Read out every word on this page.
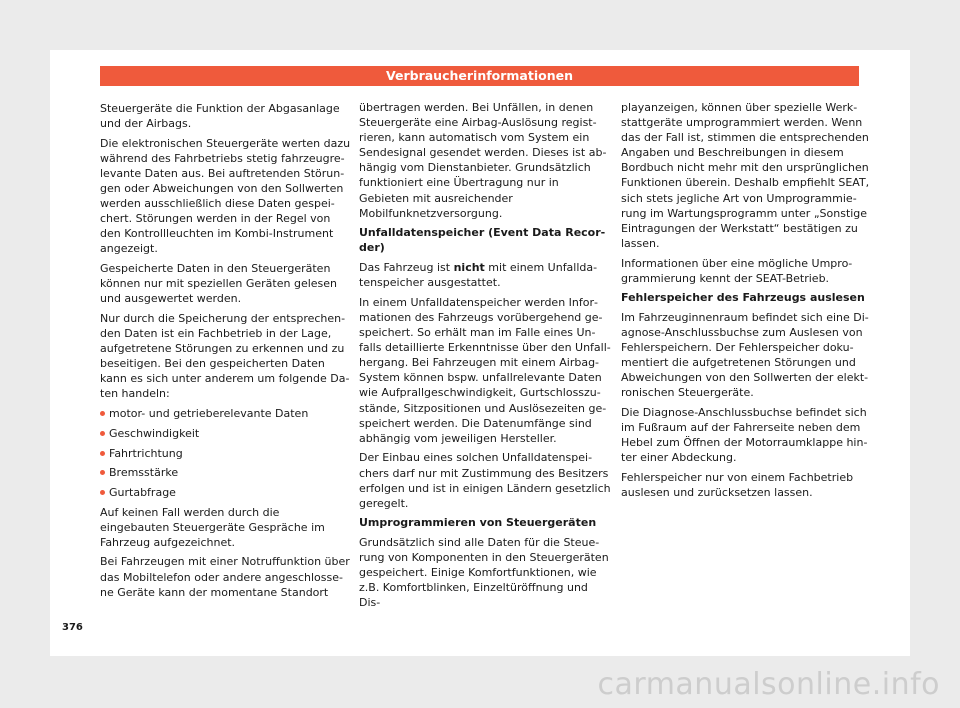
Verbraucherinformationen

Steuergeräte die Funktion der Abgasanlage und der Airbags.

Die elektronischen Steuergeräte werten dazu während des Fahrbetriebs stetig fahrzeugrelevante Daten aus. Bei auftretenden Störungen oder Abweichungen von den Sollwerten werden ausschließlich diese Daten gespeichert. Störungen werden in der Regel von den Kontrollleuchten im Kombi-Instrument angezeigt.

Gespeicherte Daten in den Steuergeräten können nur mit speziellen Geräten gelesen und ausgewertet werden.

Nur durch die Speicherung der entsprechenden Daten ist ein Fachbetrieb in der Lage, aufgetretene Störungen zu erkennen und zu beseitigen. Bei den gespeicherten Daten kann es sich unter anderem um folgende Daten handeln:

motor- und getrieberelevante Daten
Geschwindigkeit
Fahrtrichtung
Bremsstärke
Gurtabfrage

Auf keinen Fall werden durch die eingebauten Steuergeräte Gespräche im Fahrzeug aufgezeichnet.

Bei Fahrzeugen mit einer Notruffunktion über das Mobiltelefon oder andere angeschlossene Geräte kann der momentane Standort

übertragen werden. Bei Unfällen, in denen Steuergeräte eine Airbag-Auslösung registrieren, kann automatisch vom System ein Sendesignal gesendet werden. Dieses ist abhängig vom Dienstanbieter. Grundsätzlich funktioniert eine Übertragung nur in Gebieten mit ausreichender Mobilfunknetzversorgung.

Unfalldatenspeicher (Event Data Recorder)

Das Fahrzeug ist nicht mit einem Unfalldatenspeicher ausgestattet.

In einem Unfalldatenspeicher werden Informationen des Fahrzeugs vorübergehend gespeichert. So erhält man im Falle eines Unfalls detaillierte Erkenntnisse über den Unfallhergang. Bei Fahrzeugen mit einem Airbag-System können bspw. unfallrelevante Daten wie Aufprallgeschwindigkeit, Gurtschlosszustände, Sitzpositionen und Auslösezeiten gespeichert werden. Die Datenumfänge sind abhängig vom jeweiligen Hersteller.

Der Einbau eines solchen Unfalldatenspeichers darf nur mit Zustimmung des Besitzers erfolgen und ist in einigen Ländern gesetzlich geregelt.

Umprogrammieren von Steuergeräten

Grundsätzlich sind alle Daten für die Steuerung von Komponenten in den Steuergeräten gespeichert. Einige Komfortfunktionen, wie z.B. Komfortblinken, Einzeltüröffnung und Dis-

playanzeigen, können über spezielle Werkstattgeräte umprogrammiert werden. Wenn das der Fall ist, stimmen die entsprechenden Angaben und Beschreibungen in diesem Bordbuch nicht mehr mit den ursprünglichen Funktionen überein. Deshalb empfiehlt SEAT, sich stets jegliche Art von Umprogrammierung im Wartungsprogramm unter „Sonstige Eintragungen der Werkstatt“ bestätigen zu lassen.

Informationen über eine mögliche Umprogrammierung kennt der SEAT-Betrieb.

Fehlerspeicher des Fahrzeugs auslesen

Im Fahrzeuginnenraum befindet sich eine Diagnose-Anschlussbuchse zum Auslesen von Fehlerspeichern. Der Fehlerspeicher dokumentiert die aufgetretenen Störungen und Abweichungen von den Sollwerten der elektronischen Steuergeräte.

Die Diagnose-Anschlussbuchse befindet sich im Fußraum auf der Fahrerseite neben dem Hebel zum Öffnen der Motorraumklappe hinter einer Abdeckung.

Fehlerspeicher nur von einem Fachbetrieb auslesen und zurücksetzen lassen.

376
carmanualsonline.info
